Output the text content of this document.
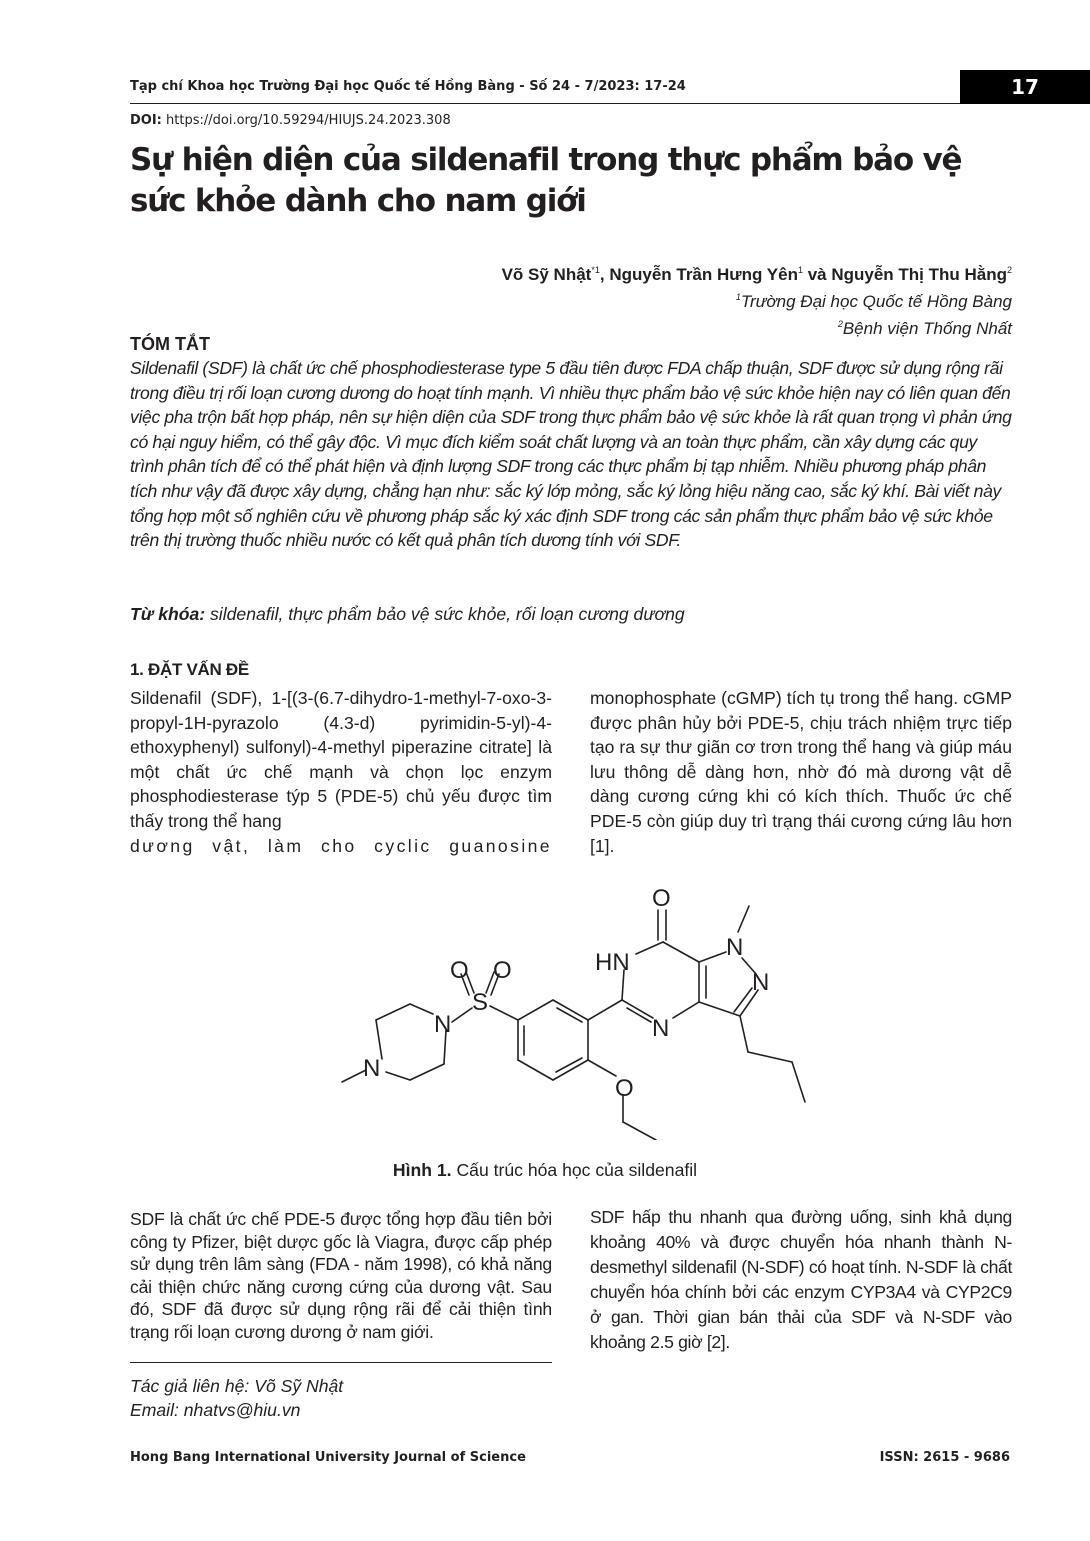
Tạp chí Khoa học Trường Đại học Quốc tế Hồng Bàng - Số 24 - 7/2023: 17-24	17
DOI: https://doi.org/10.59294/HIUJS.24.2023.308
Sự hiện diện của sildenafil trong thực phẩm bảo vệ sức khỏe dành cho nam giới
Võ Sỹ Nhật$^{*1}$, Nguyễn Trần Hưng Yên$^1$ và Nguyễn Thị Thu Hằng$^2$
$^1$Trường Đại học Quốc tế Hồng Bàng
$^2$Bệnh viện Thống Nhất
TÓM TẮT

Sildenafil (SDF) là chất ức chế phosphodiesterase type 5 đầu tiên được FDA chấp thuận, SDF được sử dụng rộng rãi trong điều trị rối loạn cương dương do hoạt tính mạnh. Vì nhiều thực phẩm bảo vệ sức khỏe hiện nay có liên quan đến việc pha trộn bất hợp pháp, nên sự hiện diện của SDF trong thực phẩm bảo vệ sức khỏe là rất quan trọng vì phản ứng có hại nguy hiểm, có thể gây độc. Vì mục đích kiểm soát chất lượng và an toàn thực phẩm, cần xây dựng các quy trình phân tích để có thể phát hiện và định lượng SDF trong các thực phẩm bị tạp nhiễm. Nhiều phương pháp phân tích như vậy đã được xây dựng, chẳng hạn như: sắc ký lớp mỏng, sắc ký lỏng hiệu năng cao, sắc ký khí. Bài viết này tổng hợp một số nghiên cứu về phương pháp sắc ký xác định SDF trong các sản phẩm thực phẩm bảo vệ sức khỏe trên thị trường thuốc nhiều nước có kết quả phân tích dương tính với SDF.

Từ khóa: sildenafil, thực phẩm bảo vệ sức khỏe, rối loạn cương dương
1. ĐẶT VẤN ĐỀ
Sildenafil (SDF), 1-[(3-(6.7-dihydro-1-methyl-7-oxo-3-propyl-1H-pyrazolo (4.3-d) pyrimidin-5-yl)-4-ethoxyphenyl) sulfonyl)-4-methyl piperazine citrate] là một chất ức chế mạnh và chọn lọc enzym phosphodiesterase týp 5 (PDE-5) chủ yếu được tìm thấy trong thể hang
dương vật, làm cho cyclic guanosine

monophosphate (cGMP) tích tụ trong thể hang. cGMP được phân hủy bởi PDE-5, chịu trách nhiệm trực tiếp tạo ra sự thư giãn cơ trơn trong thể hang và giúp máu lưu thông dễ dàng hơn, nhờ đó mà dương vật dễ dàng cương cứng khi có kích thích. Thuốc ức chế PDE-5 còn giúp duy trì trạng thái cương cứng lâu hơn [1].

N
N
S
O O
O
HN
N
O
N
N
Hình 1. Cấu trúc hóa học của sildenafil

SDF là chất ức chế PDE-5 được tổng hợp đầu tiên bởi công ty Pfizer, biệt dược gốc là Viagra, được cấp phép sử dụng trên lâm sàng (FDA - năm 1998), có khả năng cải thiện chức năng cương cứng của dương vật. Sau đó, SDF đã được sử dụng rộng rãi để cải thiện tình trạng rối loạn cương dương ở nam giới.

SDF hấp thu nhanh qua đường uống, sinh khả dụng khoảng 40% và được chuyển hóa nhanh thành N-desmethyl sildenafil (N-SDF) có hoạt tính. N-SDF là chất chuyển hóa chính bởi các enzym CYP3A4 và CYP2C9 ở gan. Thời gian bán thải của SDF và N-SDF vào khoảng 2.5 giờ [2].

Tác giả liên hệ: Võ Sỹ Nhật
Email: nhatvs@hiu.vn
Hong Bang International University Journal of Science	ISSN: 2615 - 9686
